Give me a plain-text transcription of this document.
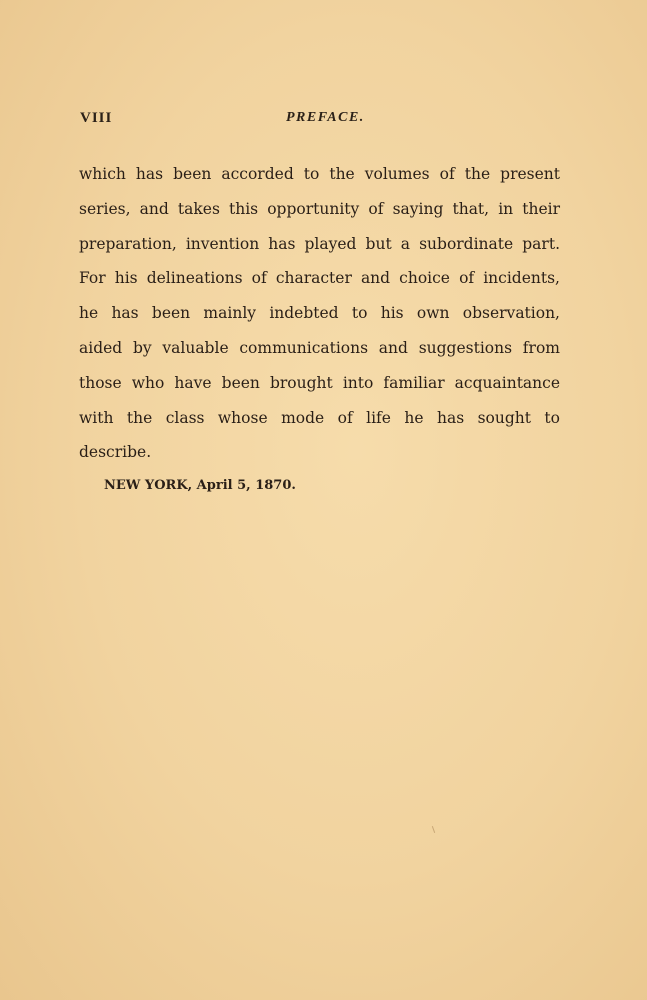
VIII	PREFACE.
which has been accorded to the volumes of the present
series, and takes this opportunity of saying that, in their
preparation, invention has played but a subordinate part.
For his delineations of character and choice of incidents,
he has been mainly indebted to his own observation,
aided by valuable communications and suggestions from
those who have been brought into familiar acquaintance
with the class whose mode of life he has sought to
describe.
NEW YORK, April 5, 1870.
